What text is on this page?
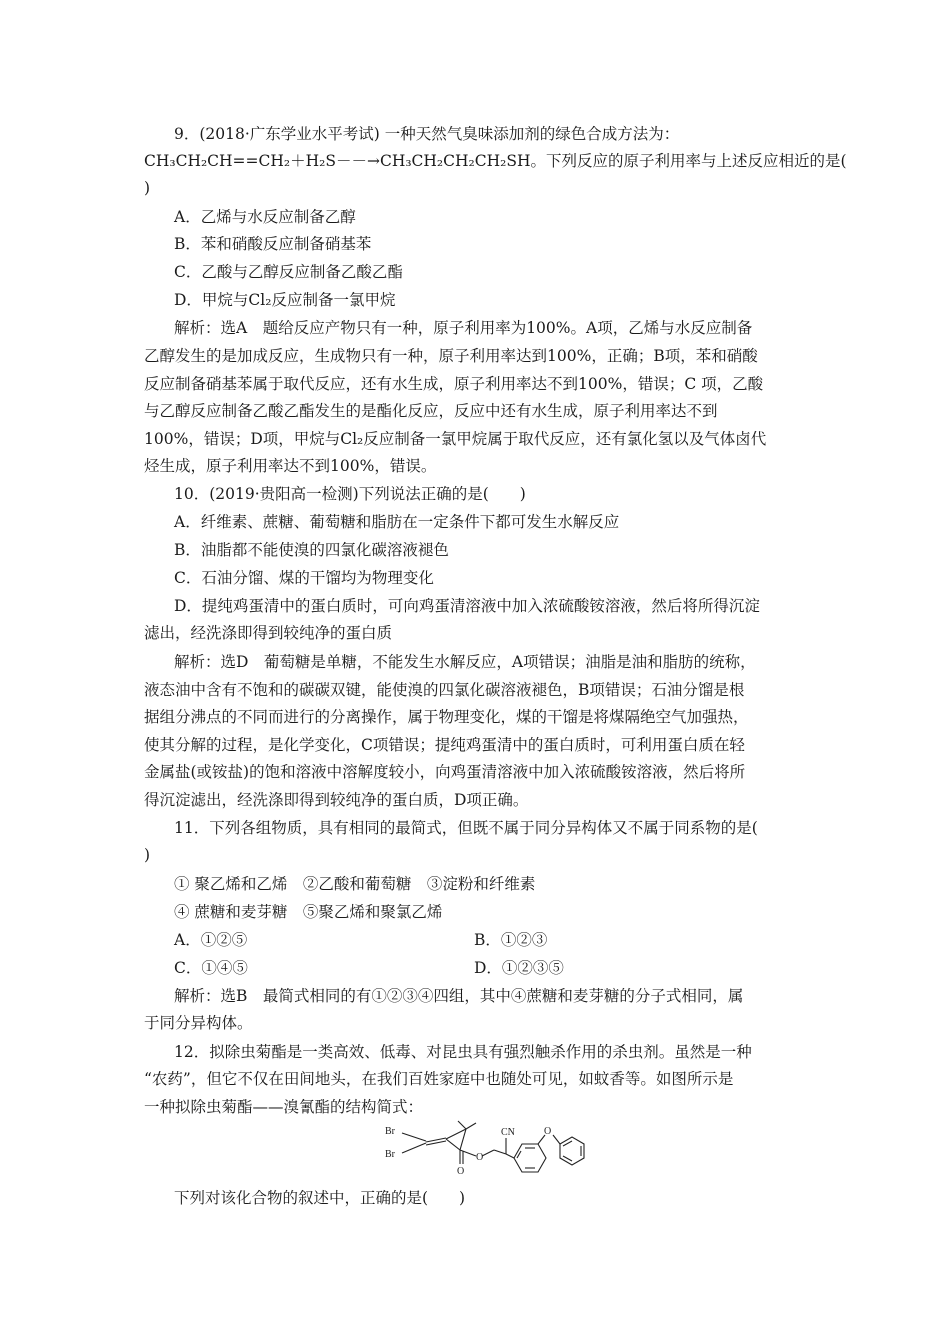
9．(2018·广东学业水平考试) 一种天然气臭味添加剂的绿色合成方法为：
CH₃CH₂CH==CH₂＋H₂S－－→CH₃CH₂CH₂CH₂SH。下列反应的原子利用率与上述反应相近的是(
)
A．乙烯与水反应制备乙醇
B．苯和硝酸反应制备硝基苯
C．乙酸与乙醇反应制备乙酸乙酯
D．甲烷与Cl₂反应制备一氯甲烷
解析：选A　题给反应产物只有一种，原子利用率为100%。A项，乙烯与水反应制备
乙醇发生的是加成反应，生成物只有一种，原子利用率达到100%，正确；B项，苯和硝酸
反应制备硝基苯属于取代反应，还有水生成，原子利用率达不到100%，错误；C 项，乙酸
与乙醇反应制备乙酸乙酯发生的是酯化反应，反应中还有水生成，原子利用率达不到
100%，错误；D项，甲烷与Cl₂反应制备一氯甲烷属于取代反应，还有氯化氢以及气体卤代
烃生成，原子利用率达不到100%，错误。
10．(2019·贵阳高一检测)下列说法正确的是(　　)
A．纤维素、蔗糖、葡萄糖和脂肪在一定条件下都可发生水解反应
B．油脂都不能使溴的四氯化碳溶液褪色
C．石油分馏、煤的干馏均为物理变化
D．提纯鸡蛋清中的蛋白质时，可向鸡蛋清溶液中加入浓硫酸铵溶液，然后将所得沉淀
滤出，经洗涤即得到较纯净的蛋白质
解析：选D　葡萄糖是单糖，不能发生水解反应，A项错误；油脂是油和脂肪的统称，
液态油中含有不饱和的碳碳双键，能使溴的四氯化碳溶液褪色，B项错误；石油分馏是根
据组分沸点的不同而进行的分离操作，属于物理变化，煤的干馏是将煤隔绝空气加强热，
使其分解的过程，是化学变化，C项错误；提纯鸡蛋清中的蛋白质时，可利用蛋白质在轻
金属盐(或铵盐)的饱和溶液中溶解度较小，向鸡蛋清溶液中加入浓硫酸铵溶液，然后将所
得沉淀滤出，经洗涤即得到较纯净的蛋白质，D项正确。
11．下列各组物质，具有相同的最简式，但既不属于同分异构体又不属于同系物的是(
)
① 聚乙烯和乙烯　②乙酸和葡萄糖　③淀粉和纤维素
④ 蔗糖和麦芽糖　⑤聚乙烯和聚氯乙烯
A．①②⑤	B．①②③
C．①④⑤	D．①②③⑤
解析：选B　最简式相同的有①②③④四组，其中④蔗糖和麦芽糖的分子式相同，属
于同分异构体。
12．拟除虫菊酯是一类高效、低毒、对昆虫具有强烈触杀作用的杀虫剂。虽然是一种
“农药”，但它不仅在田间地头，在我们百姓家庭中也随处可见，如蚊香等。如图所示是
一种拟除虫菊酯——溴氰酯的结构简式：
Br
Br
O
O
CN	O
下列对该化合物的叙述中，正确的是(　　)
